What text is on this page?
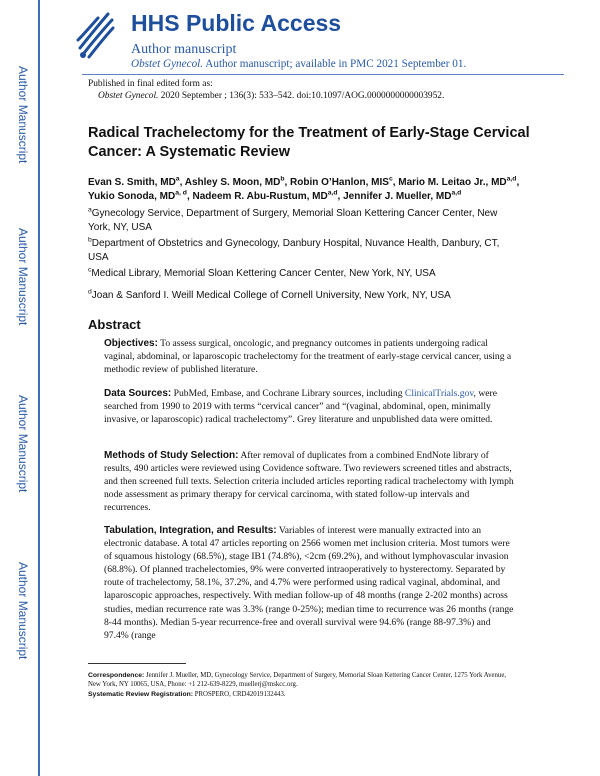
Author Manuscript
Author Manuscript
Author Manuscript
Author Manuscript
HHS Public Access
Author manuscript
Obstet Gynecol. Author manuscript; available in PMC 2021 September 01.
Published in final edited form as:
Obstet Gynecol. 2020 September ; 136(3): 533–542. doi:10.1097/AOG.0000000000003952.
Radical Trachelectomy for the Treatment of Early-Stage Cervical Cancer: A Systematic Review
Evan S. Smith, $MD^a$, Ashley S. Moon, $MD^b$, Robin O’Hanlon, MIS$^c$, Mario M. Leitao Jr., MD$^{a,d}$, Yukio Sonoda, MD$^{a, d}$, Nadeem R. Abu-Rustum, MD$^{a,d}$, Jennifer J. Mueller, MD$^{a,d}$
$^a$Gynecology Service, Department of Surgery, Memorial Sloan Kettering Cancer Center, New York, NY, USA
$^b$Department of Obstetrics and Gynecology, Danbury Hospital, Nuvance Health, Danbury, CT, USA
$^c$Medical Library, Memorial Sloan Kettering Cancer Center, New York, NY, USA
$^d$Joan & Sanford I. Weill Medical College of Cornell University, New York, NY, USA
Abstract
Objectives: To assess surgical, oncologic, and pregnancy outcomes in patients undergoing radical vaginal, abdominal, or laparoscopic trachelectomy for the treatment of early-stage cervical cancer, using a methodic review of published literature.
Data Sources: PubMed, Embase, and Cochrane Library sources, including ClinicalTrials.gov, were searched from 1990 to 2019 with terms “cervical cancer” and “(vaginal, abdominal, open, minimally invasive, or laparoscopic) radical trachelectomy”. Grey literature and unpublished data were omitted.
Methods of Study Selection: After removal of duplicates from a combined EndNote library of results, 490 articles were reviewed using Covidence software. Two reviewers screened titles and abstracts, and then screened full texts. Selection criteria included articles reporting radical trachelectomy with lymph node assessment as primary therapy for cervical carcinoma, with stated follow-up intervals and recurrences.
Tabulation, Integration, and Results: Variables of interest were manually extracted into an electronic database. A total 47 articles reporting on 2566 women met inclusion criteria. Most tumors were of squamous histology (68.5%), stage IB1 (74.8%), <2cm (69.2%), and without lymphovascular invasion (68.8%). Of planned trachelectomies, 9% were converted intraoperatively to hysterectomy. Separated by route of trachelectomy, 58.1%, 37.2%, and 4.7% were performed using radical vaginal, abdominal, and laparoscopic approaches, respectively. With median follow-up of 48 months (range 2-202 months) across studies, median recurrence rate was 3.3% (range 0-25%); median time to recurrence was 26 months (range 8-44 months). Median 5-year recurrence-free and overall survival were 94.6% (range 88-97.3%) and 97.4% (range
Correspondence: Jennifer J. Mueller, MD, Gynecology Service, Department of Surgery, Memorial Sloan Kettering Cancer Center, 1275 York Avenue, New York, NY 10065, USA, Phone: +1 212-639-8229, muellerj@mskcc.org.
Systematic Review Registration: PROSPERO, CRD42019132443.
